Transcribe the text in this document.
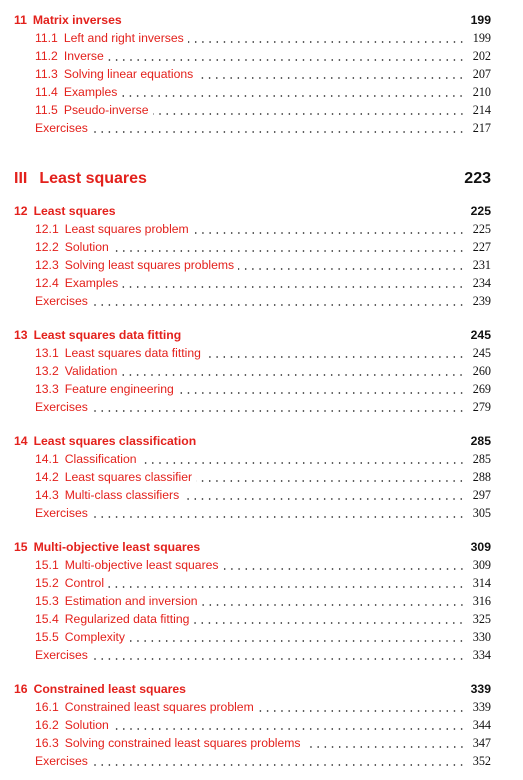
11 Matrix inverses	199
11.1 Left and right inverses	199
11.2 Inverse	202
11.3 Solving linear equations	207
11.4 Examples	210
11.5 Pseudo-inverse	214
Exercises	217
III Least squares	223
12 Least squares	225
12.1 Least squares problem	225
12.2 Solution	227
12.3 Solving least squares problems	231
12.4 Examples	234
Exercises	239
13 Least squares data fitting	245
13.1 Least squares data fitting	245
13.2 Validation	260
13.3 Feature engineering	269
Exercises	279
14 Least squares classification	285
14.1 Classification	285
14.2 Least squares classifier	288
14.3 Multi-class classifiers	297
Exercises	305
15 Multi-objective least squares	309
15.1 Multi-objective least squares	309
15.2 Control	314
15.3 Estimation and inversion	316
15.4 Regularized data fitting	325
15.5 Complexity	330
Exercises	334
16 Constrained least squares	339
16.1 Constrained least squares problem	339
16.2 Solution	344
16.3 Solving constrained least squares problems	347
Exercises	352
